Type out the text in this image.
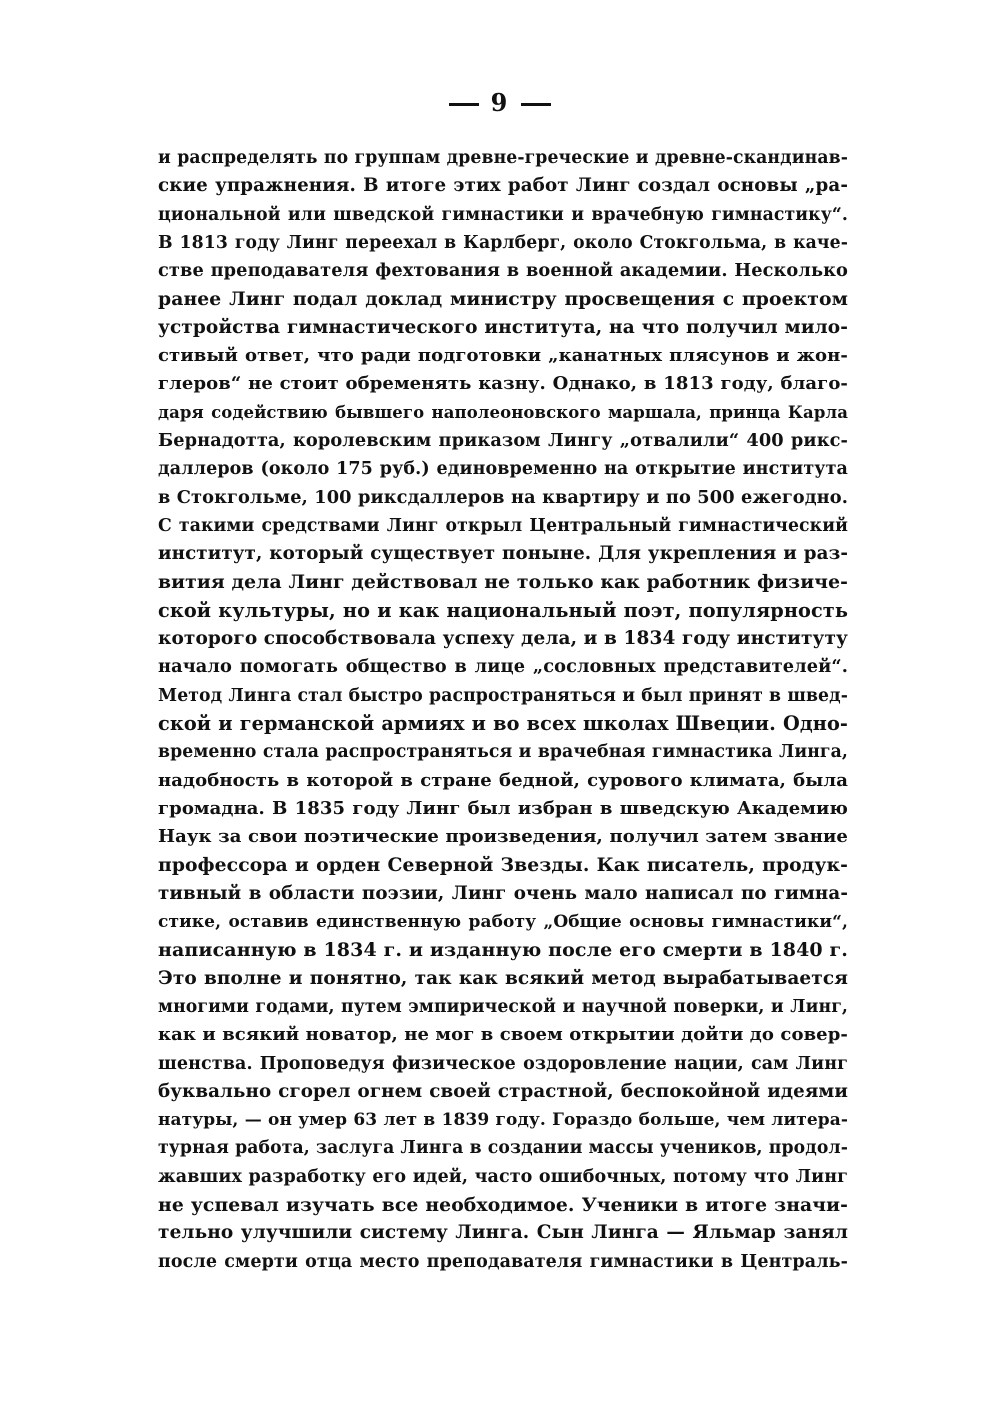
9
и распределять по группам древне-греческие и древне-скандинав-
ские упражнения. В итоге этих работ Линг создал основы „ра-
циональной или шведской гимнастики и врачебную гимнастику“.
В 1813 году Линг переехал в Карлберг, около Стокгольма, в каче-
стве преподавателя фехтования в военной академии. Несколько
ранее Линг подал доклад министру просвещения с проектом
устройства гимнастического института, на что получил мило-
стивый ответ, что ради подготовки „канатных плясунов и жон-
глеров“ не стоит обременять казну. Однако, в 1813 году, благо-
даря содействию бывшего наполеоновского маршала, принца Карла
Бернадотта, королевским приказом Лингу „отвалили“ 400 рикс-
даллеров (около 175 руб.) единовременно на открытие института
в Стокгольме, 100 риксдаллеров на квартиру и по 500 ежегодно.
С такими средствами Линг открыл Центральный гимнастический
институт, который существует поныне. Для укрепления и раз-
вития дела Линг действовал не только как работник физиче-
ской культуры, но и как национальный поэт, популярность
которого способствовала успеху дела, и в 1834 году институту
начало помогать общество в лице „сословных представителей“.
Метод Линга стал быстро распространяться и был принят в швед-
ской и германской армиях и во всех школах Швеции. Одно-
временно стала распространяться и врачебная гимнастика Линга,
надобность в которой в стране бедной, сурового климата, была
громадна. В 1835 году Линг был избран в шведскую Академию
Наук за свои поэтические произведения, получил затем звание
профессора и орден Северной Звезды. Как писатель, продук-
тивный в области поэзии, Линг очень мало написал по гимна-
стике, оставив единственную работу „Общие основы гимнастики“,
написанную в 1834 г. и изданную после его смерти в 1840 г.
Это вполне и понятно, так как всякий метод вырабатывается
многими годами, путем эмпирической и научной поверки, и Линг,
как и всякий новатор, не мог в своем открытии дойти до совер-
шенства. Проповедуя физическое оздоровление нации, сам Линг
буквально сгорел огнем своей страстной, беспокойной идеями
натуры, — он умер 63 лет в 1839 году. Гораздо больше, чем литера-
турная работа, заслуга Линга в создании массы учеников, продол-
жавших разработку его идей, часто ошибочных, потому что Линг
не успевал изучать все необходимое. Ученики в итоге значи-
тельно улучшили систему Линга. Сын Линга — Яльмар занял
после смерти отца место преподавателя гимнастики в Централь-
